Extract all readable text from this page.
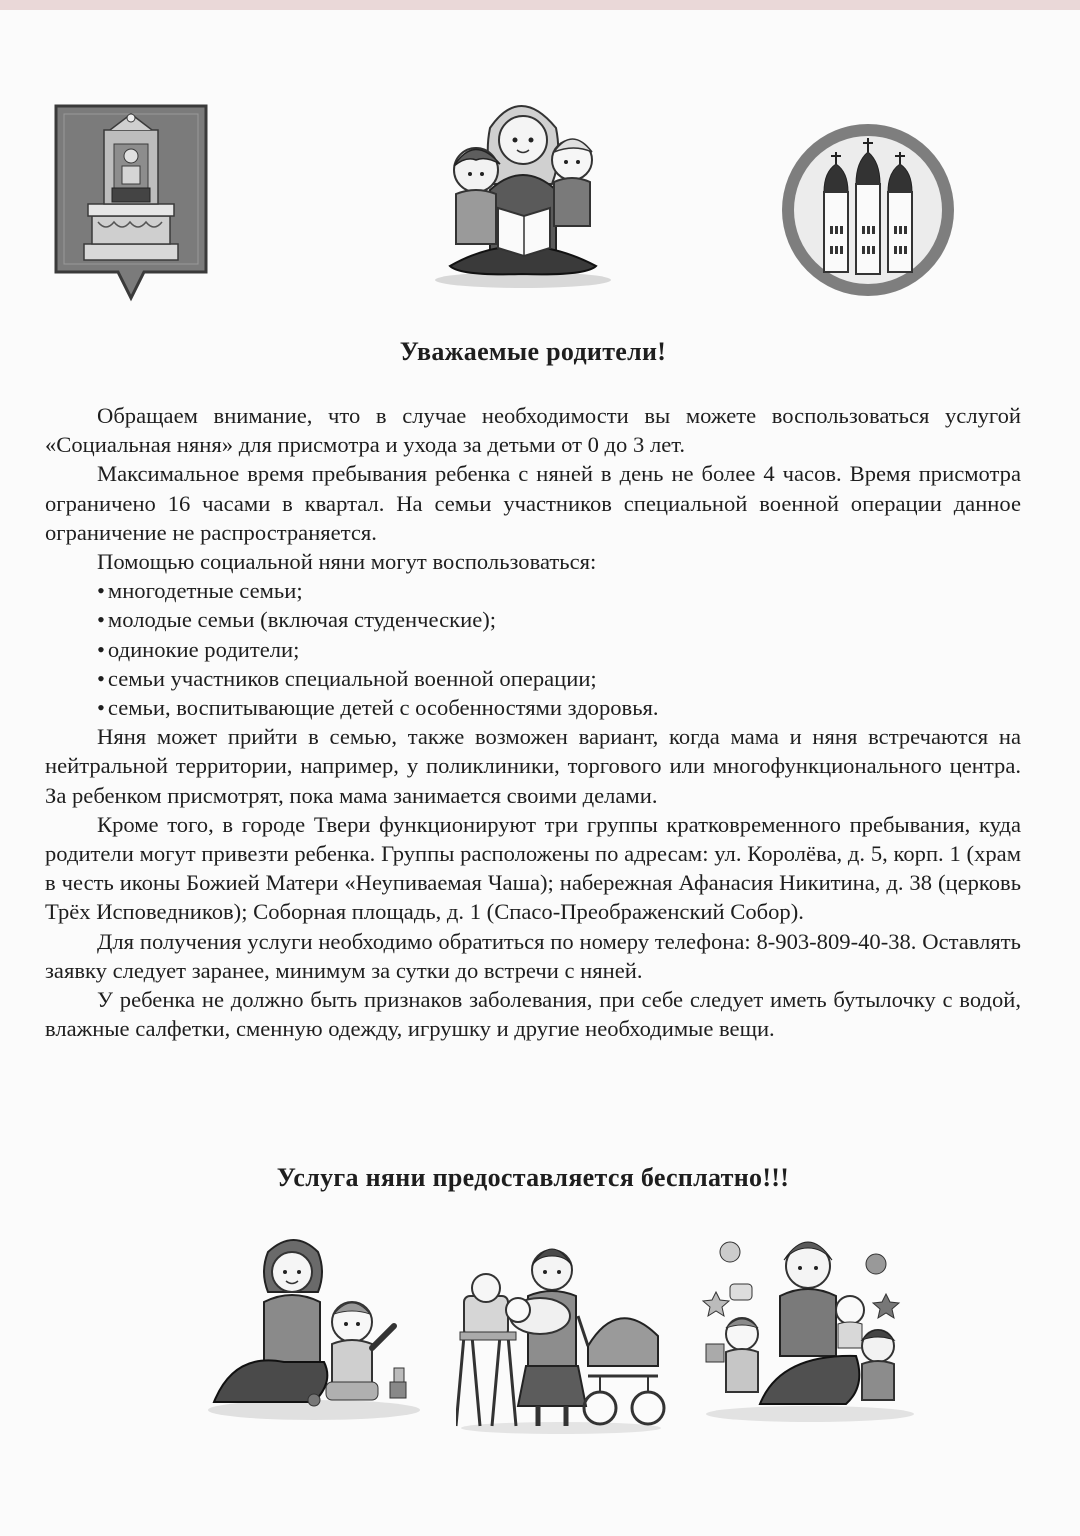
Уважаемые родители!

Обращаем внимание, что в случае необходимости вы можете воспользоваться услугой «Социальная няня» для присмотра и ухода за детьми от 0 до 3 лет.

Максимальное время пребывания ребенка с няней в день не более 4 часов. Время присмотра ограничено 16 часами в квартал. На семьи участников специальной военной операции данное ограничение не распространяется.

Помощью социальной няни могут воспользоваться:

• многодетные семьи;
• молодые семьи (включая студенческие);
• одинокие родители;
• семьи участников специальной военной операции;
• семьи, воспитывающие детей с особенностями здоровья.

Няня может прийти в семью, также возможен вариант, когда мама и няня встречаются на нейтральной территории, например, у поликлиники, торгового или многофункционального центра. За ребенком присмотрят, пока мама занимается своими делами.

Кроме того, в городе Твери функционируют три группы кратковременного пребывания, куда родители могут привезти ребенка. Группы расположены по адресам: ул. Королёва, д. 5, корп. 1 (храм в честь иконы Божией Матери «Неупиваемая Чаша); набережная Афанасия Никитина, д. 38 (церковь Трёх Исповедников); Соборная площадь, д. 1 (Спасо-Преображенский Собор).

Для получения услуги необходимо обратиться по номеру телефона: 8-903-809-40-38. Оставлять заявку следует заранее, минимум за сутки до встречи с няней.

У ребенка не должно быть признаков заболевания, при себе следует иметь бутылочку с водой, влажные салфетки, сменную одежду, игрушку и другие необходимые вещи.

Услуга няни предоставляется бесплатно!!!
